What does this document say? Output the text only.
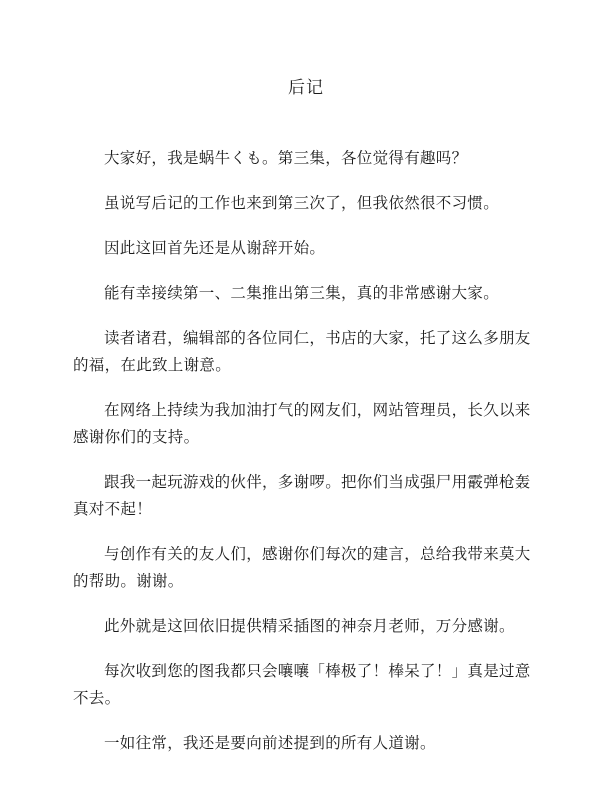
后记

大家好，我是蜗牛くも。第三集，各位觉得有趣吗？

虽说写后记的工作也来到第三次了，但我依然很不习惯。

因此这回首先还是从谢辞开始。

能有幸接续第一、二集推出第三集，真的非常感谢大家。

读者诸君，编辑部的各位同仁，书店的大家，托了这么多朋友的福，在此致上谢意。

在网络上持续为我加油打气的网友们，网站管理员，长久以来感谢你们的支持。

跟我一起玩游戏的伙伴，多谢啰。把你们当成强尸用霰弹枪轰真对不起！

与创作有关的友人们，感谢你们每次的建言，总给我带来莫大的帮助。谢谢。

此外就是这回依旧提供精采插图的神奈月老师，万分感谢。

每次收到您的图我都只会嚷嚷「棒极了！棒呆了！」真是过意不去。

一如往常，我还是要向前述提到的所有人道谢。
